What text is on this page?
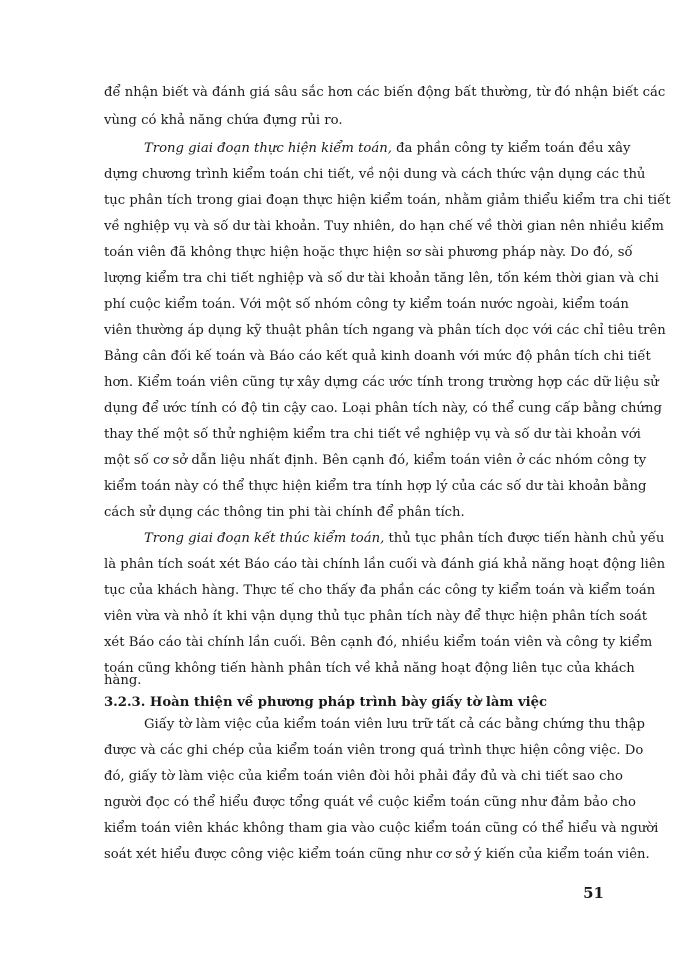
để nhận biết và đánh giá sâu sắc hơn các biến động bất thường, từ đó nhận biết các
vùng có khả năng chứa đựng rủi ro.
Trong giai đoạn thực hiện kiểm toán, đa phần công ty kiểm toán đều xây
dựng chương trình kiểm toán chi tiết, về nội dung và cách thức vận dụng các thủ
tục phân tích trong giai đoạn thực hiện kiểm toán, nhằm giảm thiểu kiểm tra chi tiết
về nghiệp vụ và số dư tài khoản. Tuy nhiên, do hạn chế về thời gian nên nhiều kiểm
toán viên đã không thực hiện hoặc thực hiện sơ sài phương pháp này. Do đó, số
lượng kiểm tra chi tiết nghiệp và số dư tài khoản tăng lên, tốn kém thời gian và chi
phí cuộc kiểm toán. Với một số nhóm công ty kiểm toán nước ngoài, kiểm toán
viên thường áp dụng kỹ thuật phân tích ngang và phân tích dọc với các chỉ tiêu trên
Bảng cân đối kế toán và Báo cáo kết quả kinh doanh với mức độ phân tích chi tiết
hơn. Kiểm toán viên cũng tự xây dựng các ước tính trong trường hợp các dữ liệu sử
dụng để ước tính có độ tin cậy cao. Loại phân tích này, có thể cung cấp bằng chứng
thay thế một số thử nghiệm kiểm tra chi tiết về nghiệp vụ và số dư tài khoản với
một số cơ sở dẫn liệu nhất định. Bên cạnh đó, kiểm toán viên ở các nhóm công ty
kiểm toán này có thể thực hiện kiểm tra tính hợp lý của các số dư tài khoản bằng
cách sử dụng các thông tin phi tài chính để phân tích.
Trong giai đoạn kết thúc kiểm toán, thủ tục phân tích được tiến hành chủ yếu
là phân tích soát xét Báo cáo tài chính lần cuối và đánh giá khả năng hoạt động liên
tục của khách hàng. Thực tế cho thấy đa phần các công ty kiểm toán và kiểm toán
viên vừa và nhỏ ít khi vận dụng thủ tục phân tích này để thực hiện phân tích soát
xét Báo cáo tài chính lần cuối. Bên cạnh đó, nhiều kiểm toán viên và công ty kiểm
toán cũng không tiến hành phân tích về khả năng hoạt động liên tục của khách
3.2.3. Hoàn thiện về phương pháp trình bày giấy tờ làm việc
Giấy tờ làm việc của kiểm toán viên lưu trữ tất cả các bằng chứng thu thập
được và các ghi chép của kiểm toán viên trong quá trình thực hiện công việc. Do
đó, giấy tờ làm việc của kiểm toán viên đòi hỏi phải đầy đủ và chi tiết sao cho
người đọc có thể hiểu được tổng quát về cuộc kiểm toán cũng như đảm bảo cho
kiểm toán viên khác không tham gia vào cuộc kiểm toán cũng có thể hiểu và người
soát xét hiểu được công việc kiểm toán cũng như cơ sở ý kiến của kiểm toán viên.
51
hàng.
